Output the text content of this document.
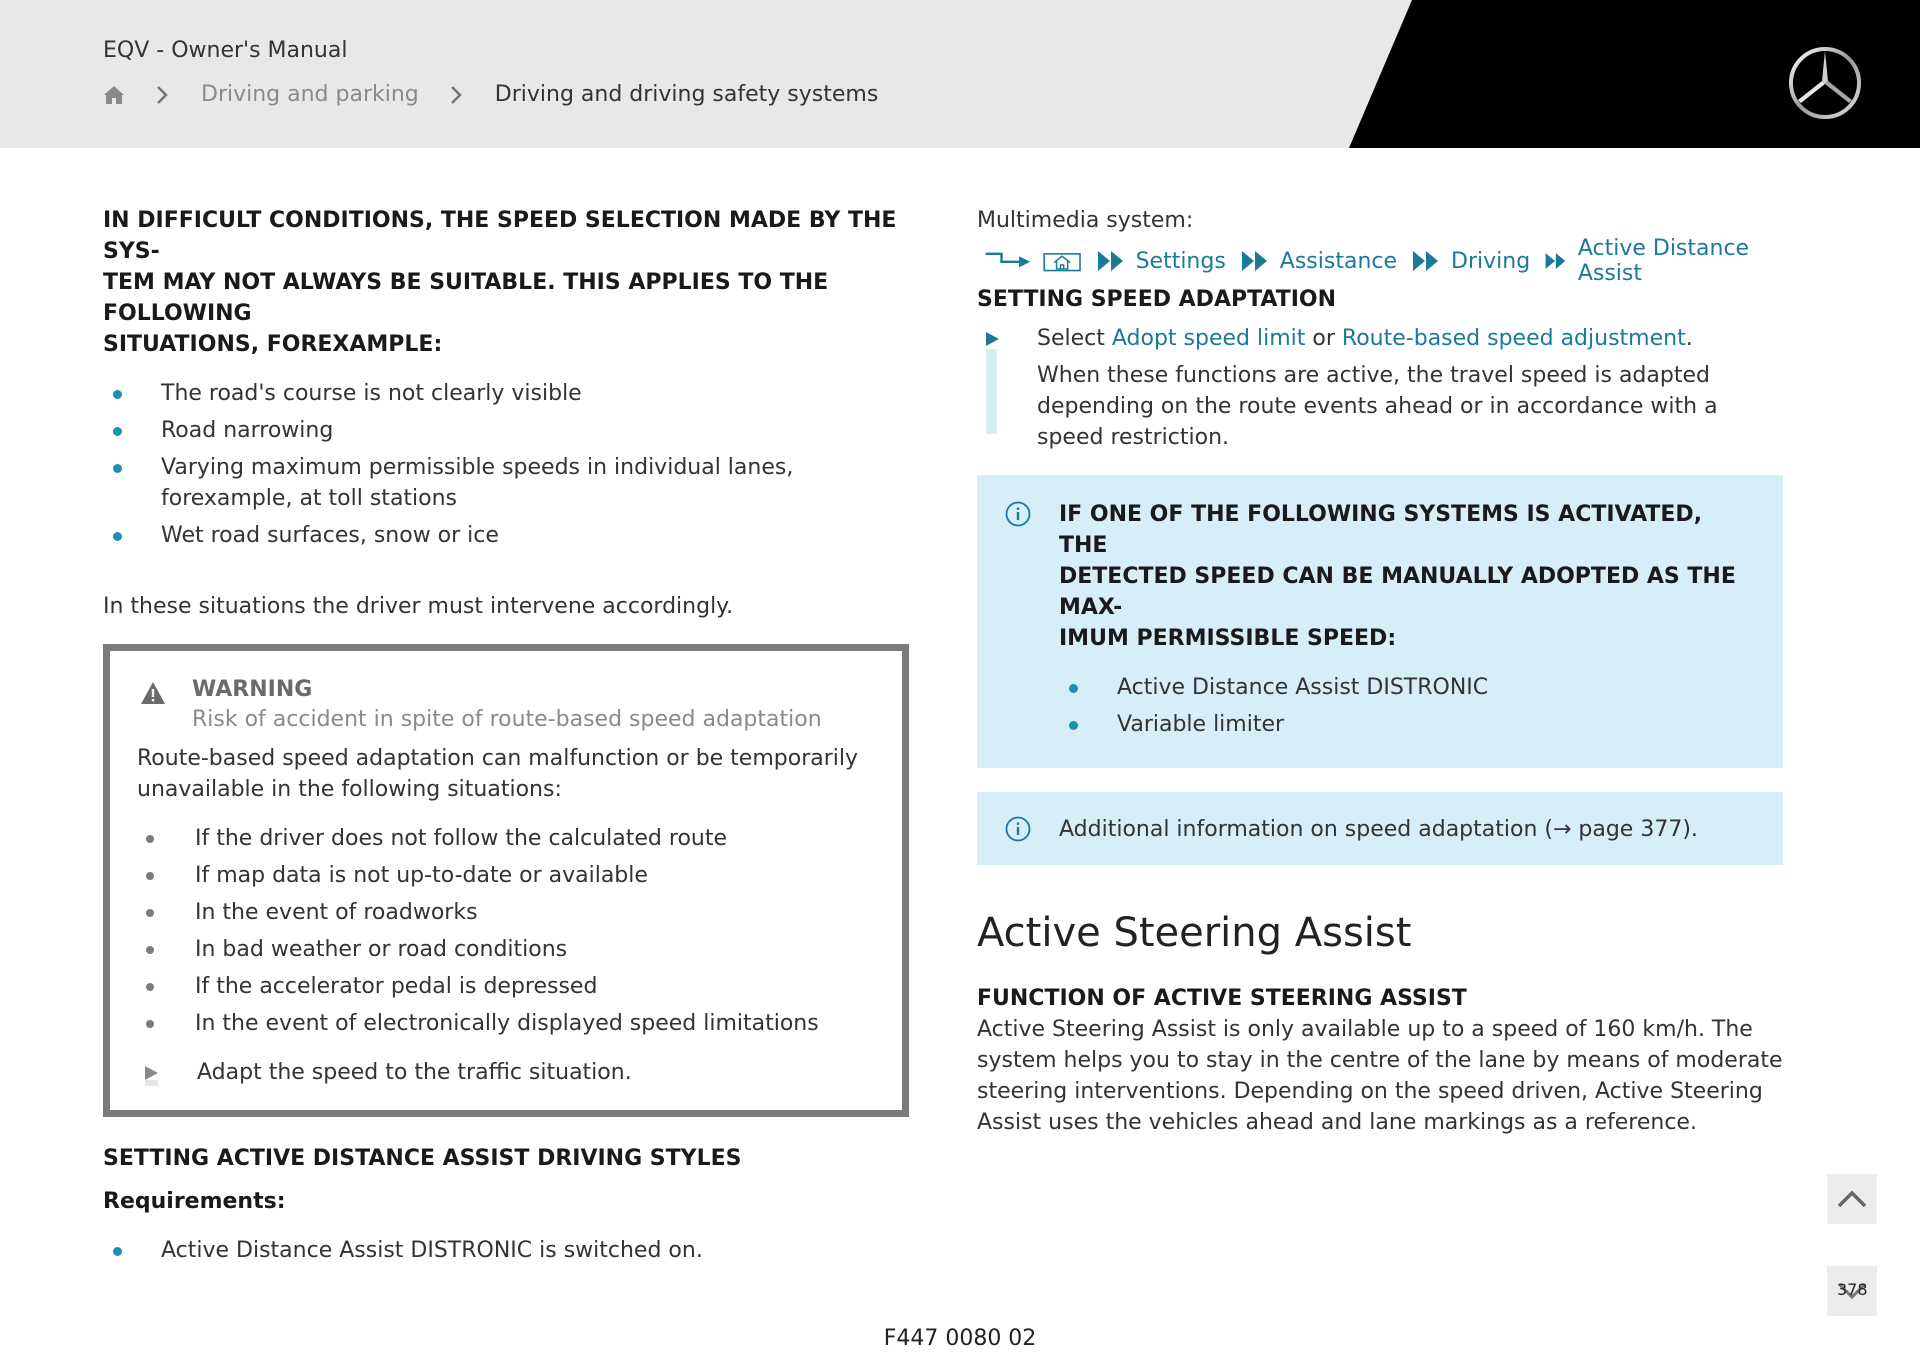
EQV - Owner's Manual
Driving and parking	Driving and driving safety systems
IN DIFFICULT CONDITIONS, THE SPEED SELECTION MADE BY THE SYS-
TEM MAY NOT ALWAYS BE SUITABLE. THIS APPLIES TO THE FOLLOWING
SITUATIONS, FOREXAMPLE:
The road's course is not clearly visible
Road narrowing
Varying maximum permissible speeds in individual lanes, forexample, at toll stations
Wet road surfaces, snow or ice
In these situations the driver must intervene accordingly.
WARNING
Risk of accident in spite of route-based speed adaptation
Route-based speed adaptation can malfunction or be temporarily unavailable in the following situations:
If the driver does not follow the calculated route
If map data is not up-to-date or available
In the event of roadworks
In bad weather or road conditions
If the accelerator pedal is depressed
In the event of electronically displayed speed limitations
Adapt the speed to the traffic situation.
SETTING ACTIVE DISTANCE ASSIST DRIVING STYLES
Requirements:
Active Distance Assist DISTRONIC is switched on.
Multimedia system:
Settings Assistance Driving Active Distance Assist
SETTING SPEED ADAPTATION
Select Adopt speed limit or Route-based speed adjustment.
When these functions are active, the travel speed is adapted depending on the route events ahead or in accordance with a speed restriction.
IF ONE OF THE FOLLOWING SYSTEMS IS ACTIVATED, THE
DETECTED SPEED CAN BE MANUALLY ADOPTED AS THE MAX-
IMUM PERMISSIBLE SPEED:
Active Distance Assist DISTRONIC
Variable limiter
Additional information on speed adaptation (→ page 377).
Active Steering Assist
FUNCTION OF ACTIVE STEERING ASSIST
Active Steering Assist is only available up to a speed of 160 km/h. The system helps you to stay in the centre of the lane by means of moderate steering interventions. Depending on the speed driven, Active Steering Assist uses the vehicles ahead and lane markings as a reference.
378
F447 0080 02
